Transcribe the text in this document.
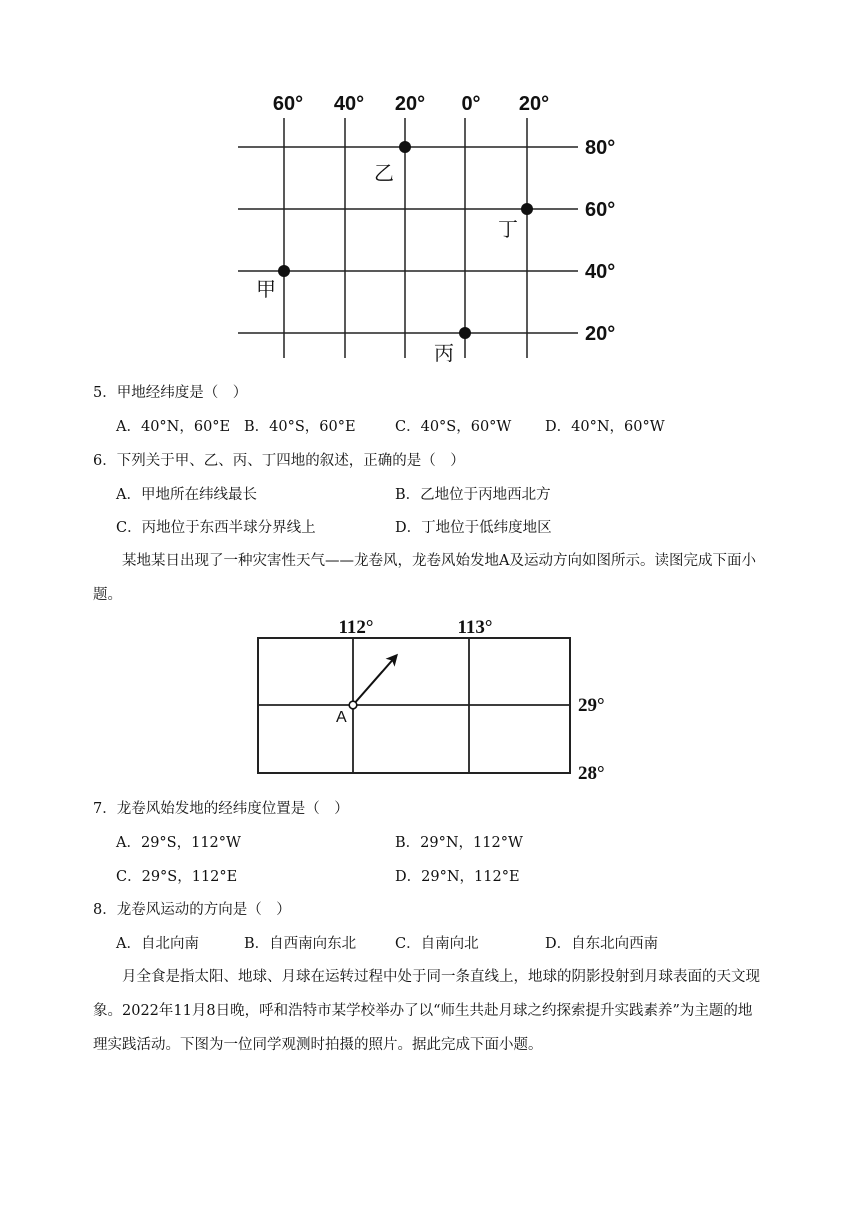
60° 40° 20° 0° 20°
80°
60°
40°
20°
乙
丁
甲
丙
5．甲地经纬度是（　）
A．40°N，60°E B．40°S，60°E	C．40°S，60°W D．40°N，60°W
6．下列关于甲、乙、丙、丁四地的叙述，正确的是（　）
A．甲地所在纬线最长	B．乙地位于丙地西北方
C．丙地位于东西半球分界线上	D．丁地位于低纬度地区
某地某日出现了一种灾害性天气——龙卷风，龙卷风始发地A及运动方向如图所示。读图完成下面小题。
A
112°	113°
29°
28°
7．龙卷风始发地的经纬度位置是（　）
A．29°S，112°W	B．29°N，112°W
C．29°S，112°E	D．29°N，112°E
8．龙卷风运动的方向是（　）
A．自北向南	B．自西南向东北	C．自南向北	D．自东北向西南
月全食是指太阳、地球、月球在运转过程中处于同一条直线上，地球的阴影投射到月球表面的天文现象。2022年11月8日晚，呼和浩特市某学校举办了以“师生共赴月球之约探索提升实践素养”为主题的地理实践活动。下图为一位同学观测时拍摄的照片。据此完成下面小题。
